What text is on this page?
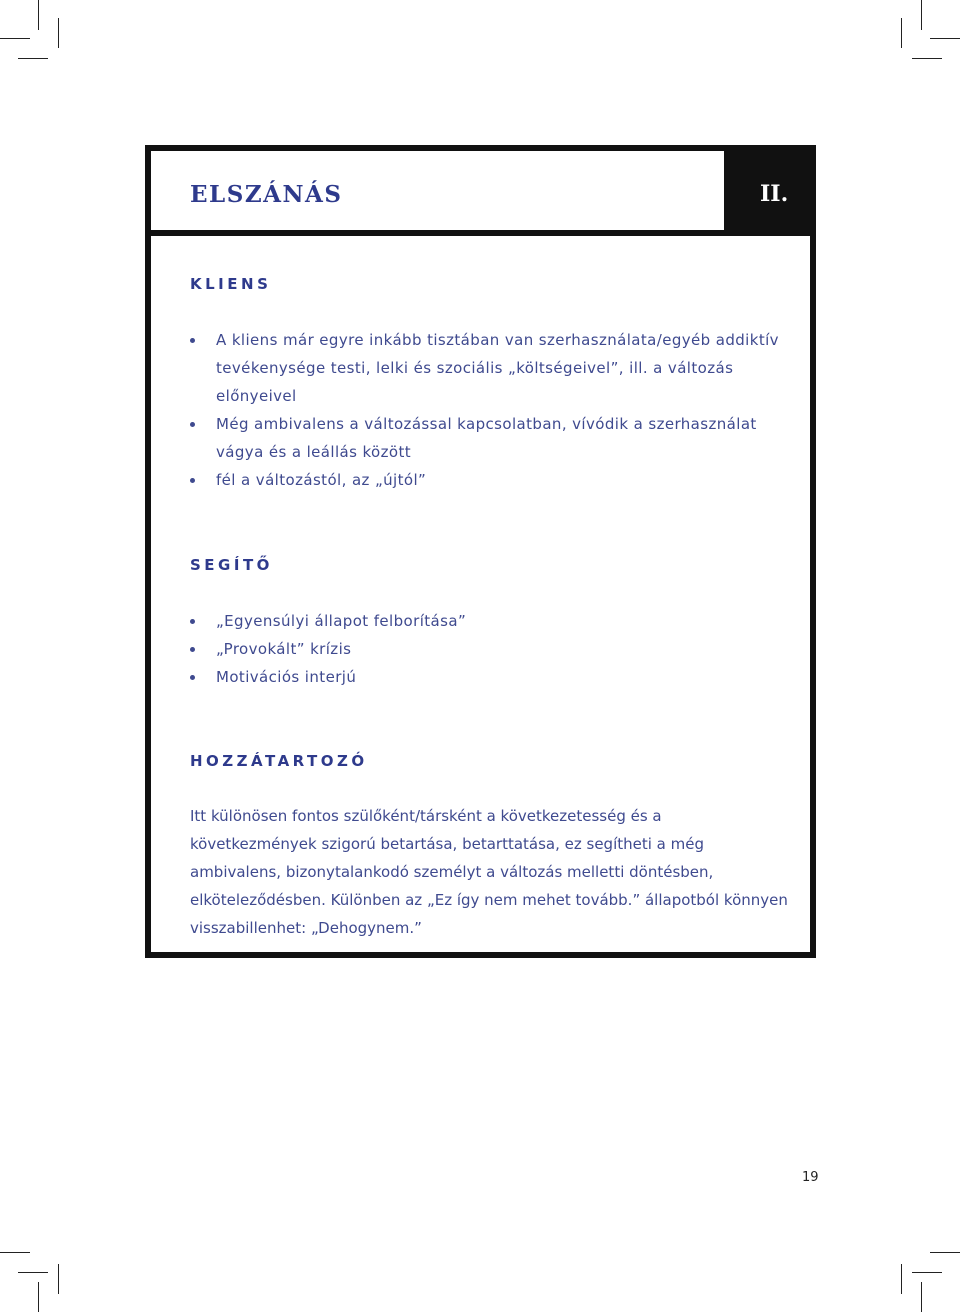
ELSZÁNÁS	II.
KLIENS
A kliens már egyre inkább tisztában van szerhasználata/egyéb addiktív tevékenysége testi, lelki és szociális „költségeivel”, ill. a változás előnyeivel
Még ambivalens a változással kapcsolatban, vívódik a szerhasználat vágya és a leállás között
fél a változástól, az „újtól”
SEGÍTŐ
„Egyensúlyi állapot felborítása”
„Provokált” krízis
Motivációs interjú
HOZZÁTARTOZÓ

Itt különösen fontos szülőként/társként a következetesség és a következmények szigorú betartása, betarttatása, ez segítheti a még ambivalens, bizonytalankodó személyt a változás melletti döntésben, elköteleződésben. Különben az „Ez így nem mehet tovább.” állapotból könnyen visszabillenhet: „Dehogynem.”

19
